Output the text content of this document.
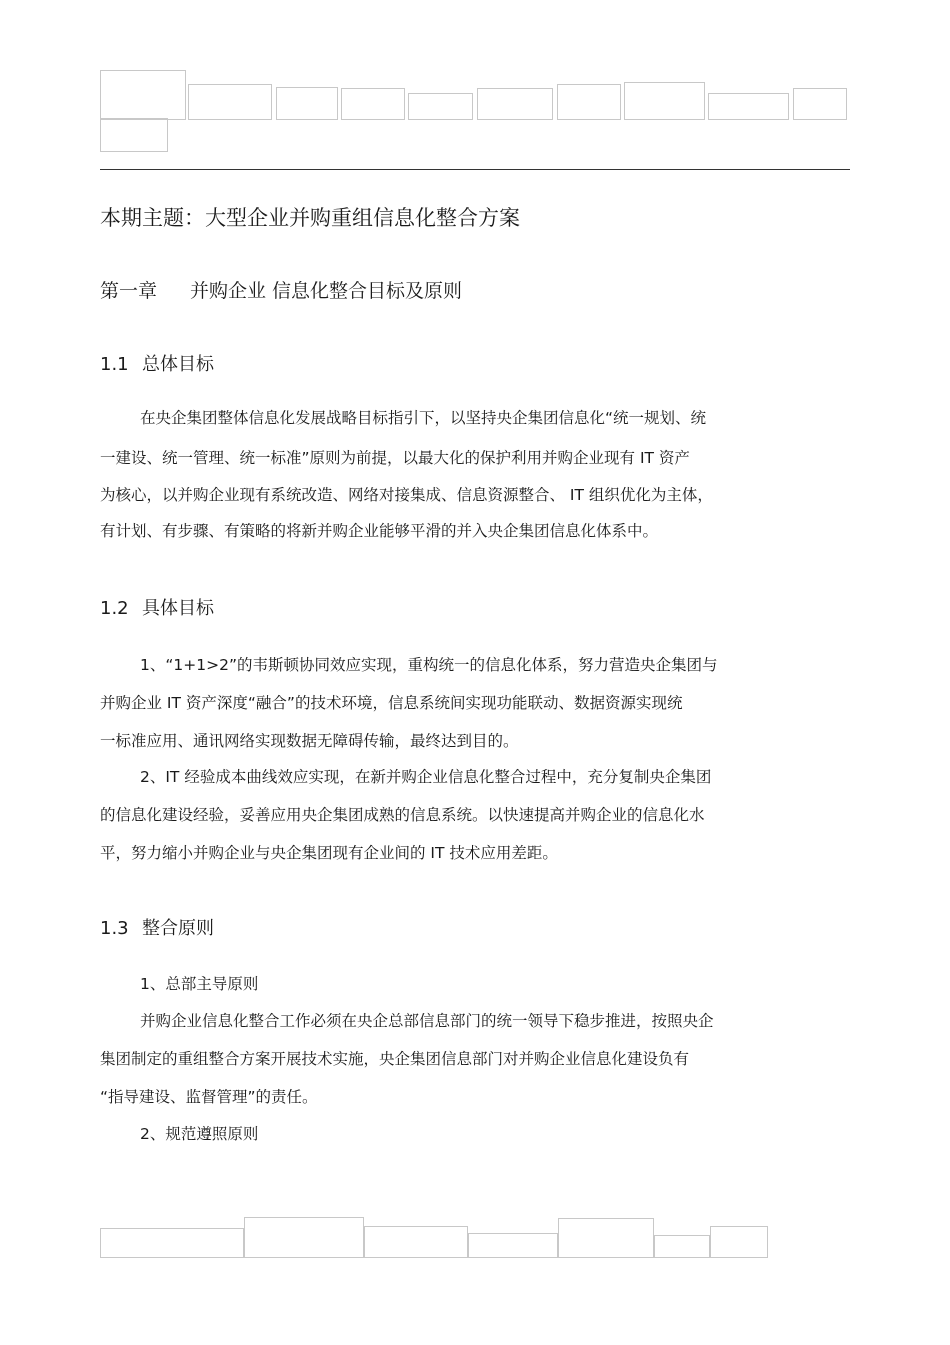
本期主题：大型企业并购重组信息化整合方案
第一章 并购企业 信息化整合目标及原则
1.1 总体目标
在央企集团整体信息化发展战略目标指引下，以坚持央企集团信息化“统一规划、统
一建设、统一管理、统一标准”原则为前提，以最大化的保护利用并购企业现有 IT 资产
为核心，以并购企业现有系统改造、网络对接集成、信息资源整合、 IT 组织优化为主体，
有计划、有步骤、有策略的将新并购企业能够平滑的并入央企集团信息化体系中。
1.2 具体目标
1、“1+1>2”的韦斯顿协同效应实现，重构统一的信息化体系，努力营造央企集团与
并购企业 IT 资产深度“融合”的技术环境，信息系统间实现功能联动、数据资源实现统
一标准应用、通讯网络实现数据无障碍传输，最终达到目的。
2、IT 经验成本曲线效应实现，在新并购企业信息化整合过程中，充分复制央企集团
的信息化建设经验，妥善应用央企集团成熟的信息系统。以快速提高并购企业的信息化水
平，努力缩小并购企业与央企集团现有企业间的 IT 技术应用差距。
1.3 整合原则
1、总部主导原则
并购企业信息化整合工作必须在央企总部信息部门的统一领导下稳步推进，按照央企
集团制定的重组整合方案开展技术实施，央企集团信息部门对并购企业信息化建设负有
“指导建设、监督管理”的责任。
2、规范遵照原则
